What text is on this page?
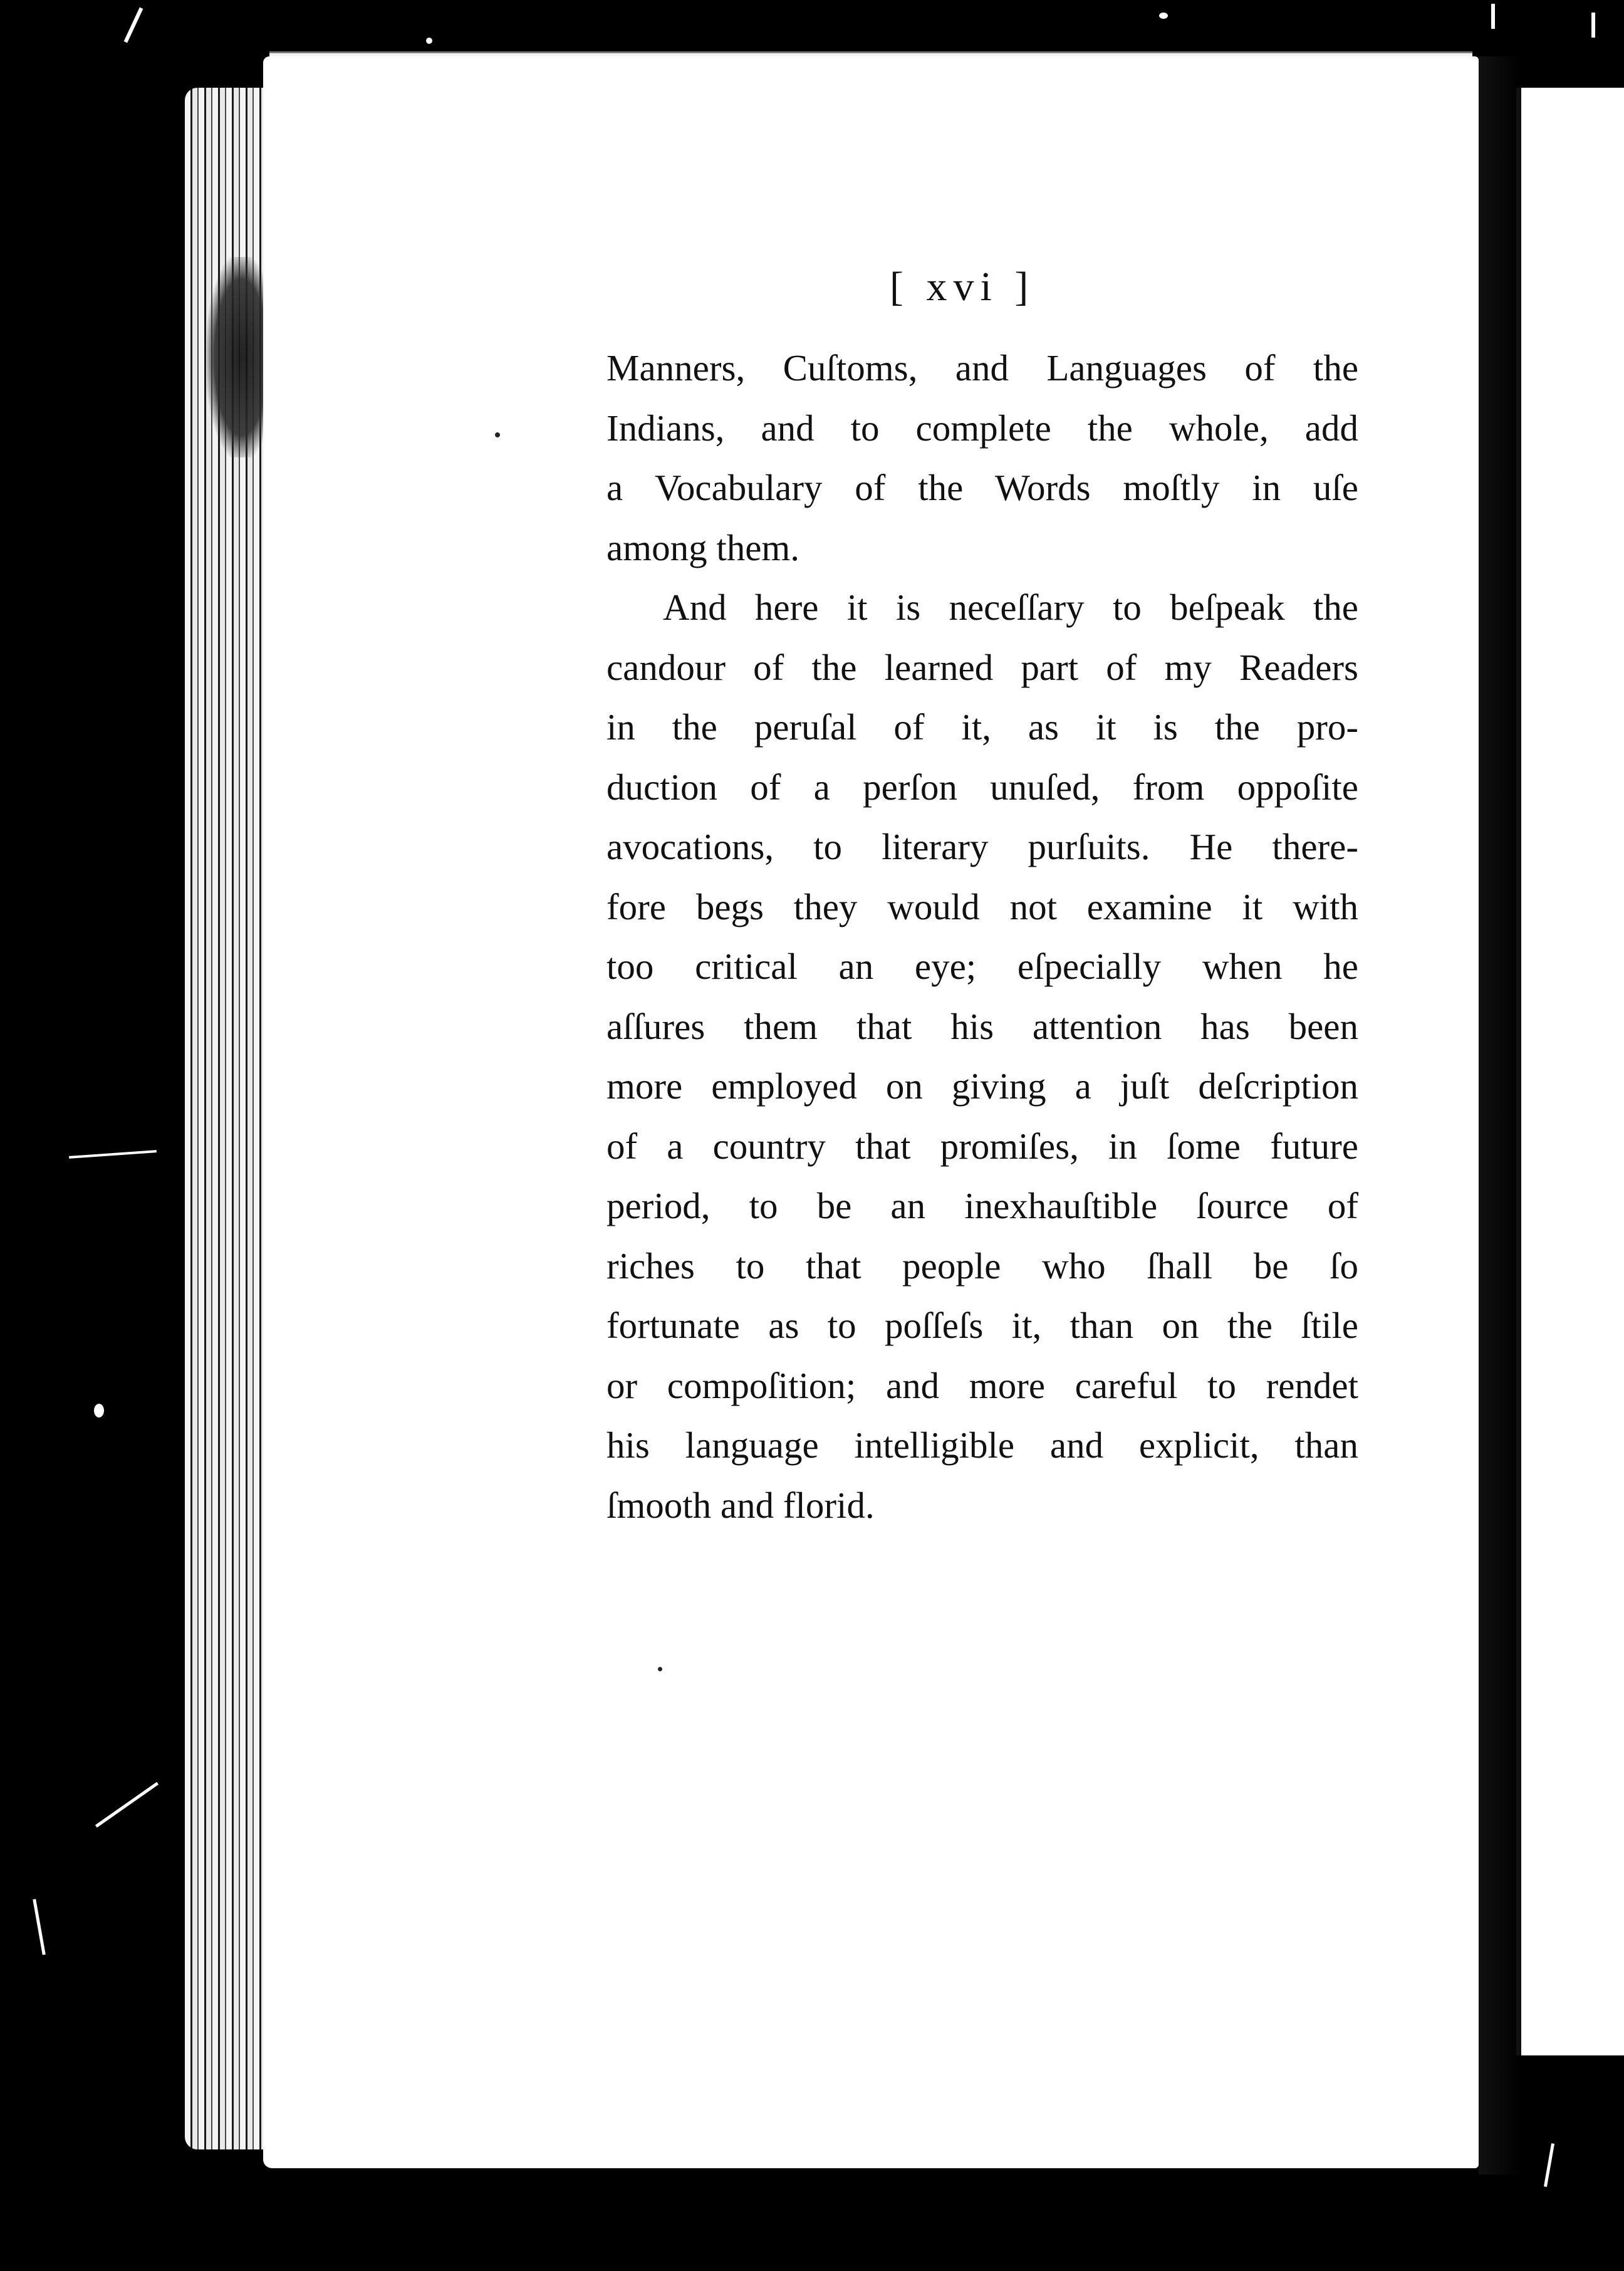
[ xvi ]
Manners, Cuſtoms, and Languages of the
Indians, and to complete the whole, add
a Vocabulary of the Words moſtly in uſe
among them.
And here it is neceſſary to beſpeak the
candour of the learned part of my Readers
in the peruſal of it, as it is the pro-
duction of a perſon unuſed, from oppoſite
avocations, to literary purſuits. He there-
fore begs they would not examine it with
too critical an eye; eſpecially when he
aſſures them that his attention has been
more employed on giving a juſt deſcription
of a country that promiſes, in ſome future
period, to be an inexhauſtible ſource of
riches to that people who ſhall be ſo
fortunate as to poſſeſs it, than on the ſtile
or compoſition; and more careful to rendet
his language intelligible and explicit, than
ſmooth and florid.
